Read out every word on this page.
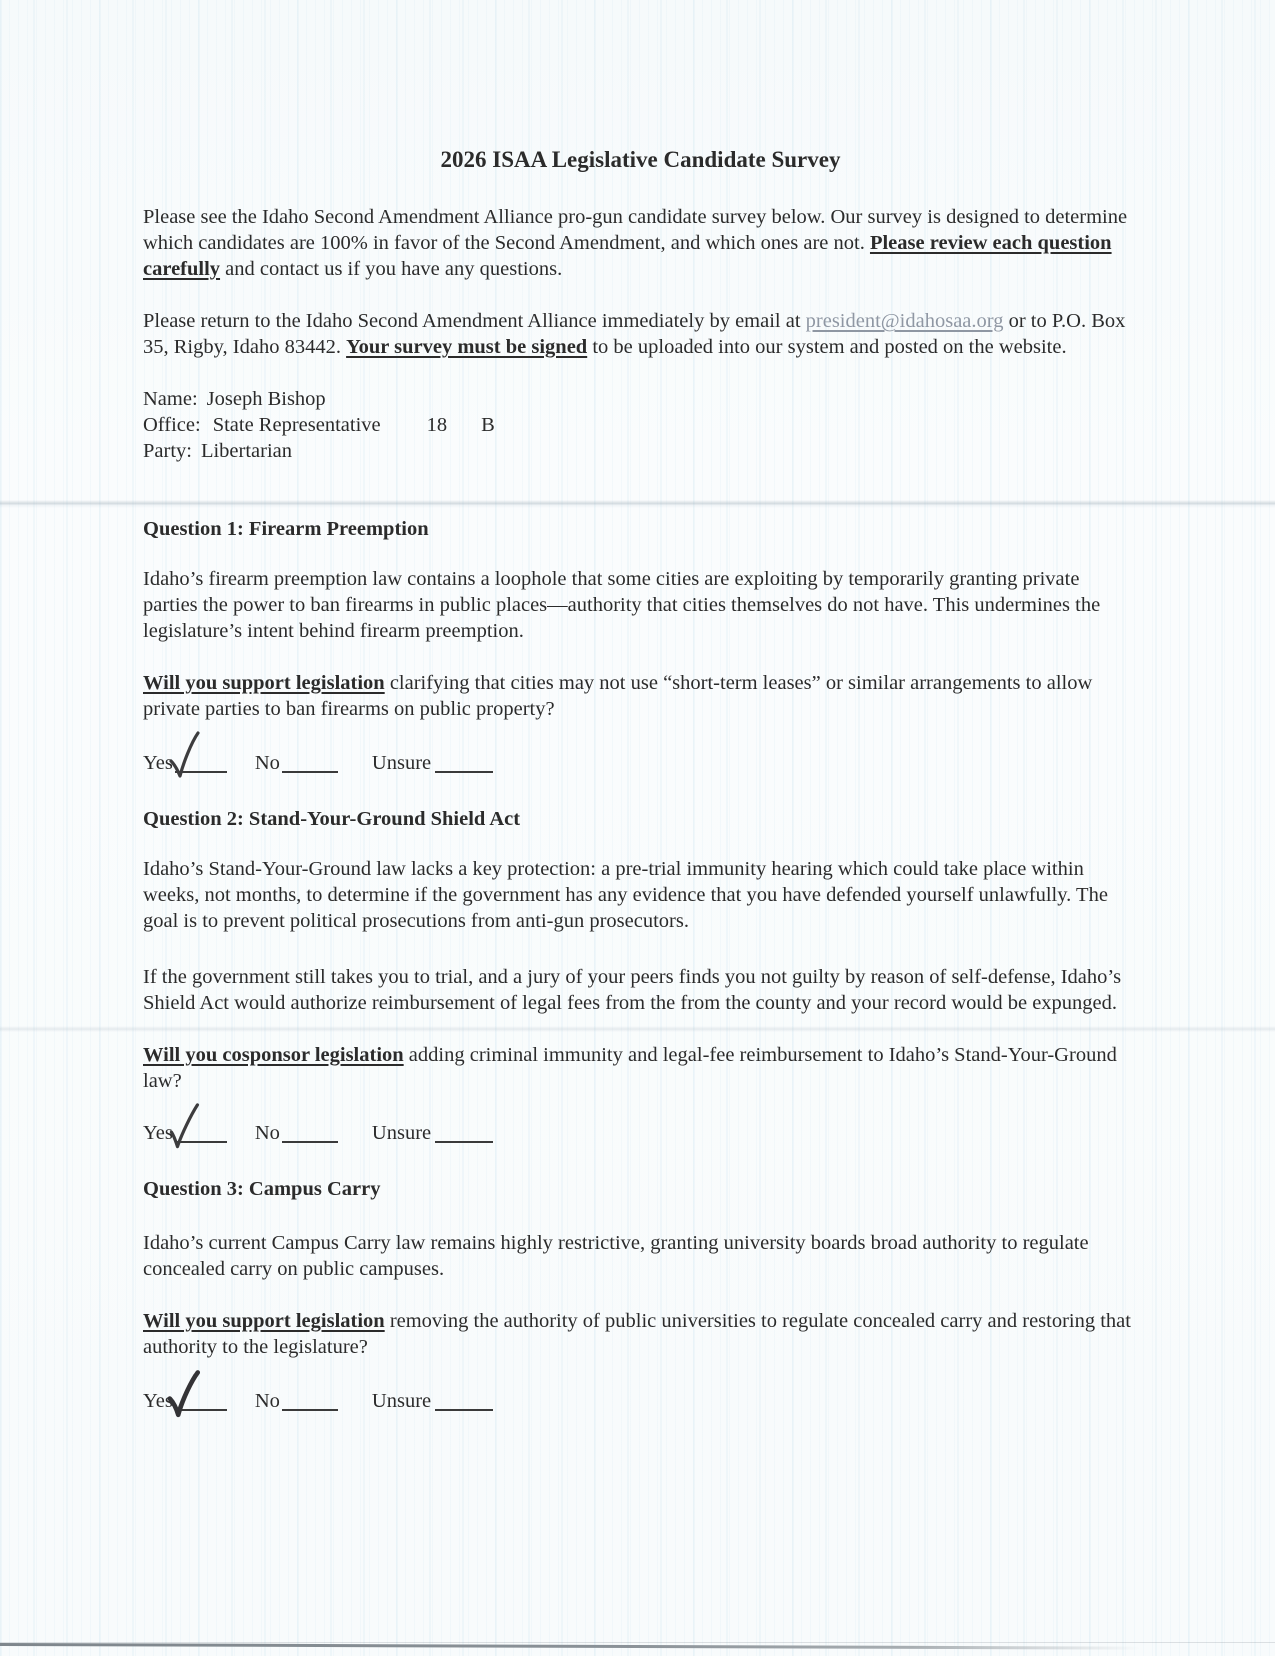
2026 ISAA Legislative Candidate Survey

Please see the Idaho Second Amendment Alliance pro-gun candidate survey below. Our survey is designed to determine which candidates are 100% in favor of the Second Amendment, and which ones are not. Please review each question carefully and contact us if you have any questions.

Please return to the Idaho Second Amendment Alliance immediately by email at president@idahosaa.org or to P.O. Box 35, Rigby, Idaho 83442. Your survey must be signed to be uploaded into our system and posted on the website.

Name: Joseph Bishop
Office: State Representative 18 B
Party: Libertarian
Question 1: Firearm Preemption

Idaho’s firearm preemption law contains a loophole that some cities are exploiting by temporarily granting private parties the power to ban firearms in public places—authority that cities themselves do not have. This undermines the legislature’s intent behind firearm preemption.

Will you support legislation clarifying that cities may not use “short-term leases” or similar arrangements to allow private parties to ban firearms on public property?

Yes	No	Unsure
Question 2: Stand-Your-Ground Shield Act

Idaho’s Stand-Your-Ground law lacks a key protection: a pre-trial immunity hearing which could take place within weeks, not months, to determine if the government has any evidence that you have defended yourself unlawfully. The goal is to prevent political prosecutions from anti-gun prosecutors.

If the government still takes you to trial, and a jury of your peers finds you not guilty by reason of self-defense, Idaho’s Shield Act would authorize reimbursement of legal fees from the from the county and your record would be expunged.

Will you cosponsor legislation adding criminal immunity and legal-fee reimbursement to Idaho’s Stand-Your-Ground law?

Yes	No	Unsure
Question 3: Campus Carry

Idaho’s current Campus Carry law remains highly restrictive, granting university boards broad authority to regulate concealed carry on public campuses.

Will you support legislation removing the authority of public universities to regulate concealed carry and restoring that authority to the legislature?

Yes	No	Unsure
